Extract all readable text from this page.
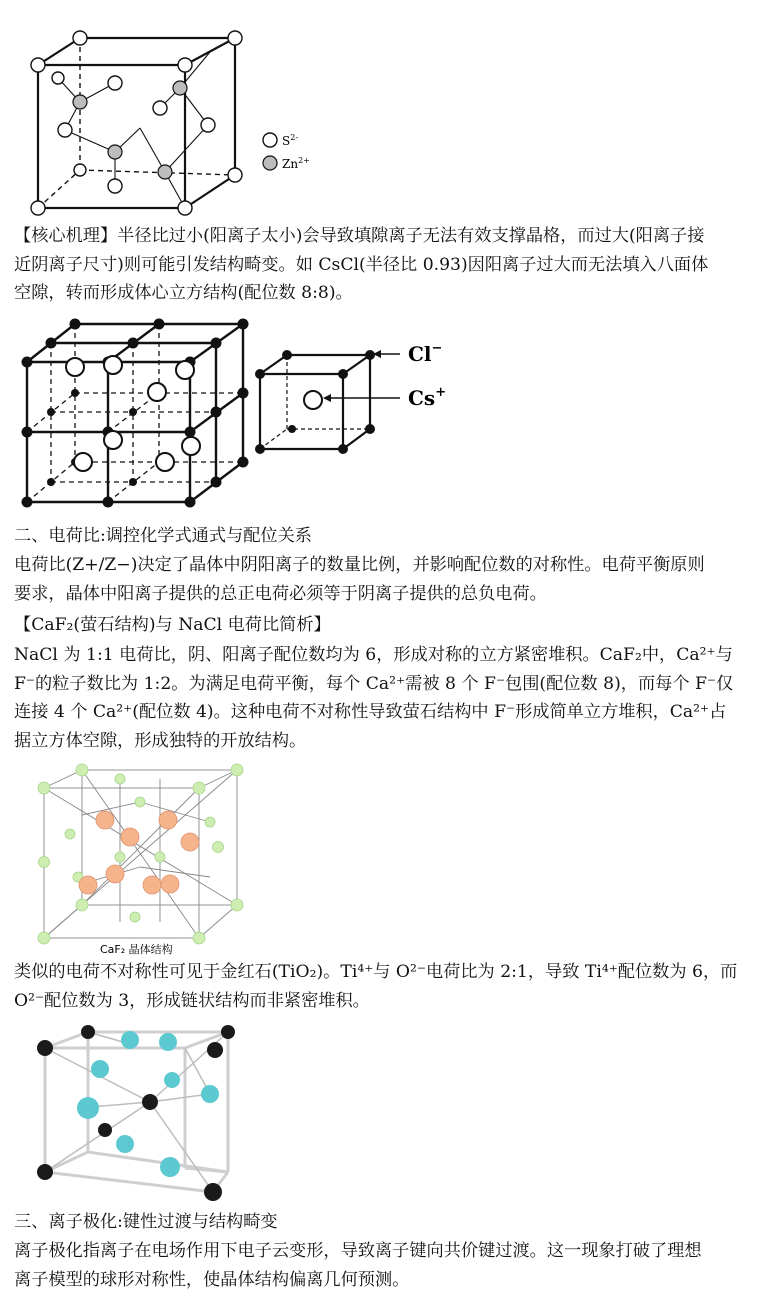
$S^{2-}$
$Zn^{2+}$
【核心机理】半径比过小(阳离子太小)会导致填隙离子无法有效支撑晶格，而过大(阳离子接
近阴离子尺寸)则可能引发结构畸变。如 CsCl(半径比 0.93)因阳离子过大而无法填入八面体
空隙，转而形成体心立方结构(配位数 8:8)。
Cl−
Cs+
二、电荷比:调控化学式通式与配位关系
电荷比(Z+/Z−)决定了晶体中阴阳离子的数量比例，并影响配位数的对称性。电荷平衡原则
要求，晶体中阳离子提供的总正电荷必须等于阴离子提供的总负电荷。
【CaF₂(萤石结构)与 NaCl 电荷比简析】
NaCl 为 1:1 电荷比，阴、阳离子配位数均为 6，形成对称的立方紧密堆积。CaF₂中，Ca²⁺与
F⁻的粒子数比为 1:2。为满足电荷平衡，每个 Ca²⁺需被 8 个 F⁻包围(配位数 8)，而每个 F⁻仅
连接 4 个 Ca²⁺(配位数 4)。这种电荷不对称性导致萤石结构中 F⁻形成简单立方堆积，Ca²⁺占
据立方体空隙，形成独特的开放结构。
CaF₂ 晶体结构
类似的电荷不对称性可见于金红石(TiO₂)。Ti⁴⁺与 O²⁻电荷比为 2:1，导致 Ti⁴⁺配位数为 6，而
O²⁻配位数为 3，形成链状结构而非紧密堆积。
三、离子极化:键性过渡与结构畸变
离子极化指离子在电场作用下电子云变形，导致离子键向共价键过渡。这一现象打破了理想
离子模型的球形对称性，使晶体结构偏离几何预测。
